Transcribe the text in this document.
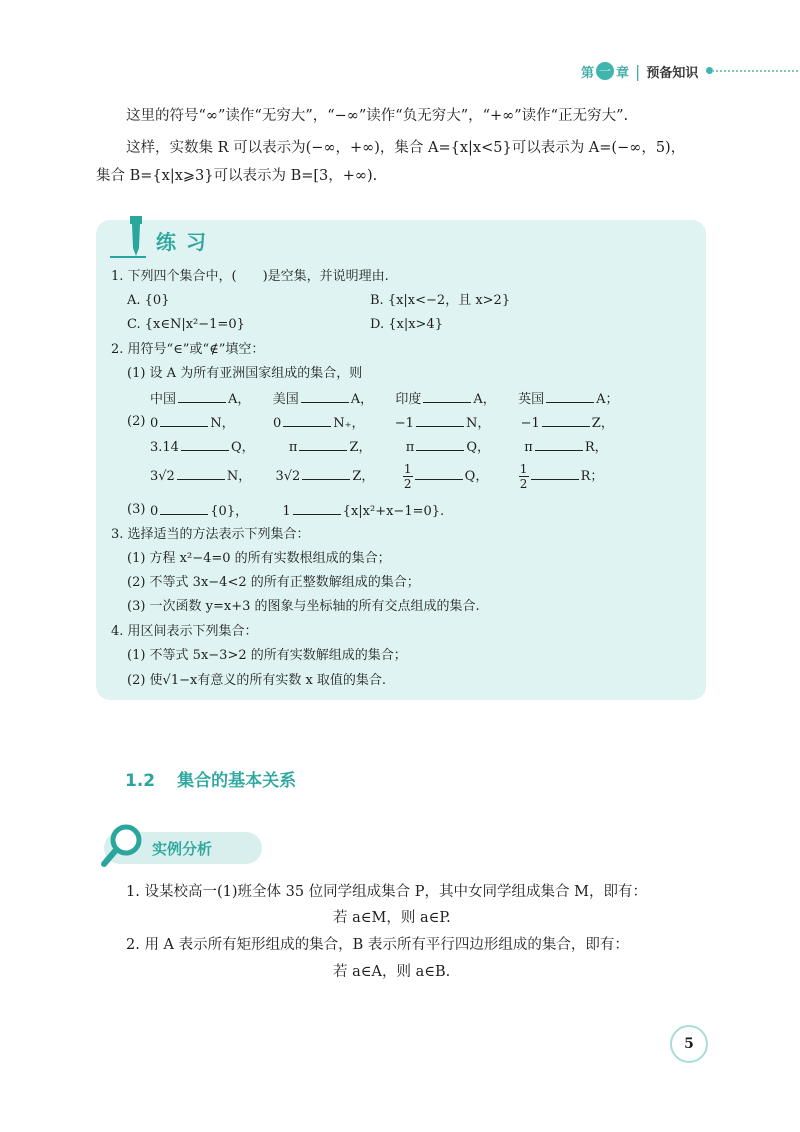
第 一 章 | 预备知识
这里的符号“∞”读作“无穷大”，“−∞”读作“负无穷大”，“+∞”读作“正无穷大”.
这样，实数集 R 可以表示为(−∞，+∞)，集合 A={x|x<5}可以表示为 A=(−∞，5)，
集合 B={x|x⩾3}可以表示为 B=[3，+∞).
练习
1. 下列四个集合中，(　　)是空集，并说明理由.
A. {0}	B. {x|x<−2，且 x>2}
C. {x∈N|x²−1=0}	D. {x|x>4}
2. 用符号“∈”或“∉”填空：
(1) 设 A 为所有亚洲国家组成的集合，则
中国	A， 美国	A， 印度	A， 英国	A；
(2) 0	N，	0	N₊， −1	N， −1	Z，
3.14	Q，	π	Z，	π	Q，	π	R，
3√2	N， 3√2	Z， $\frac{1}{2}$	Q，	$\frac{1}{2}$	R；
(3) 0	{0}，	1	{x|x²+x−1=0}.
3. 选择适当的方法表示下列集合：
(1) 方程 x²−4=0 的所有实数根组成的集合；
(2) 不等式 3x−4<2 的所有正整数解组成的集合；
(3) 一次函数 y=x+3 的图象与坐标轴的所有交点组成的集合.
4. 用区间表示下列集合：
(1) 不等式 5x−3>2 的所有实数解组成的集合；
(2) 使√1−x有意义的所有实数 x 取值的集合.
1.2 集合的基本关系
实例分析
1. 设某校高一(1)班全体 35 位同学组成集合 P，其中女同学组成集合 M，即有：
若 a∈M，则 a∈P.
2. 用 A 表示所有矩形组成的集合，B 表示所有平行四边形组成的集合，即有：
若 a∈A，则 a∈B.
5
